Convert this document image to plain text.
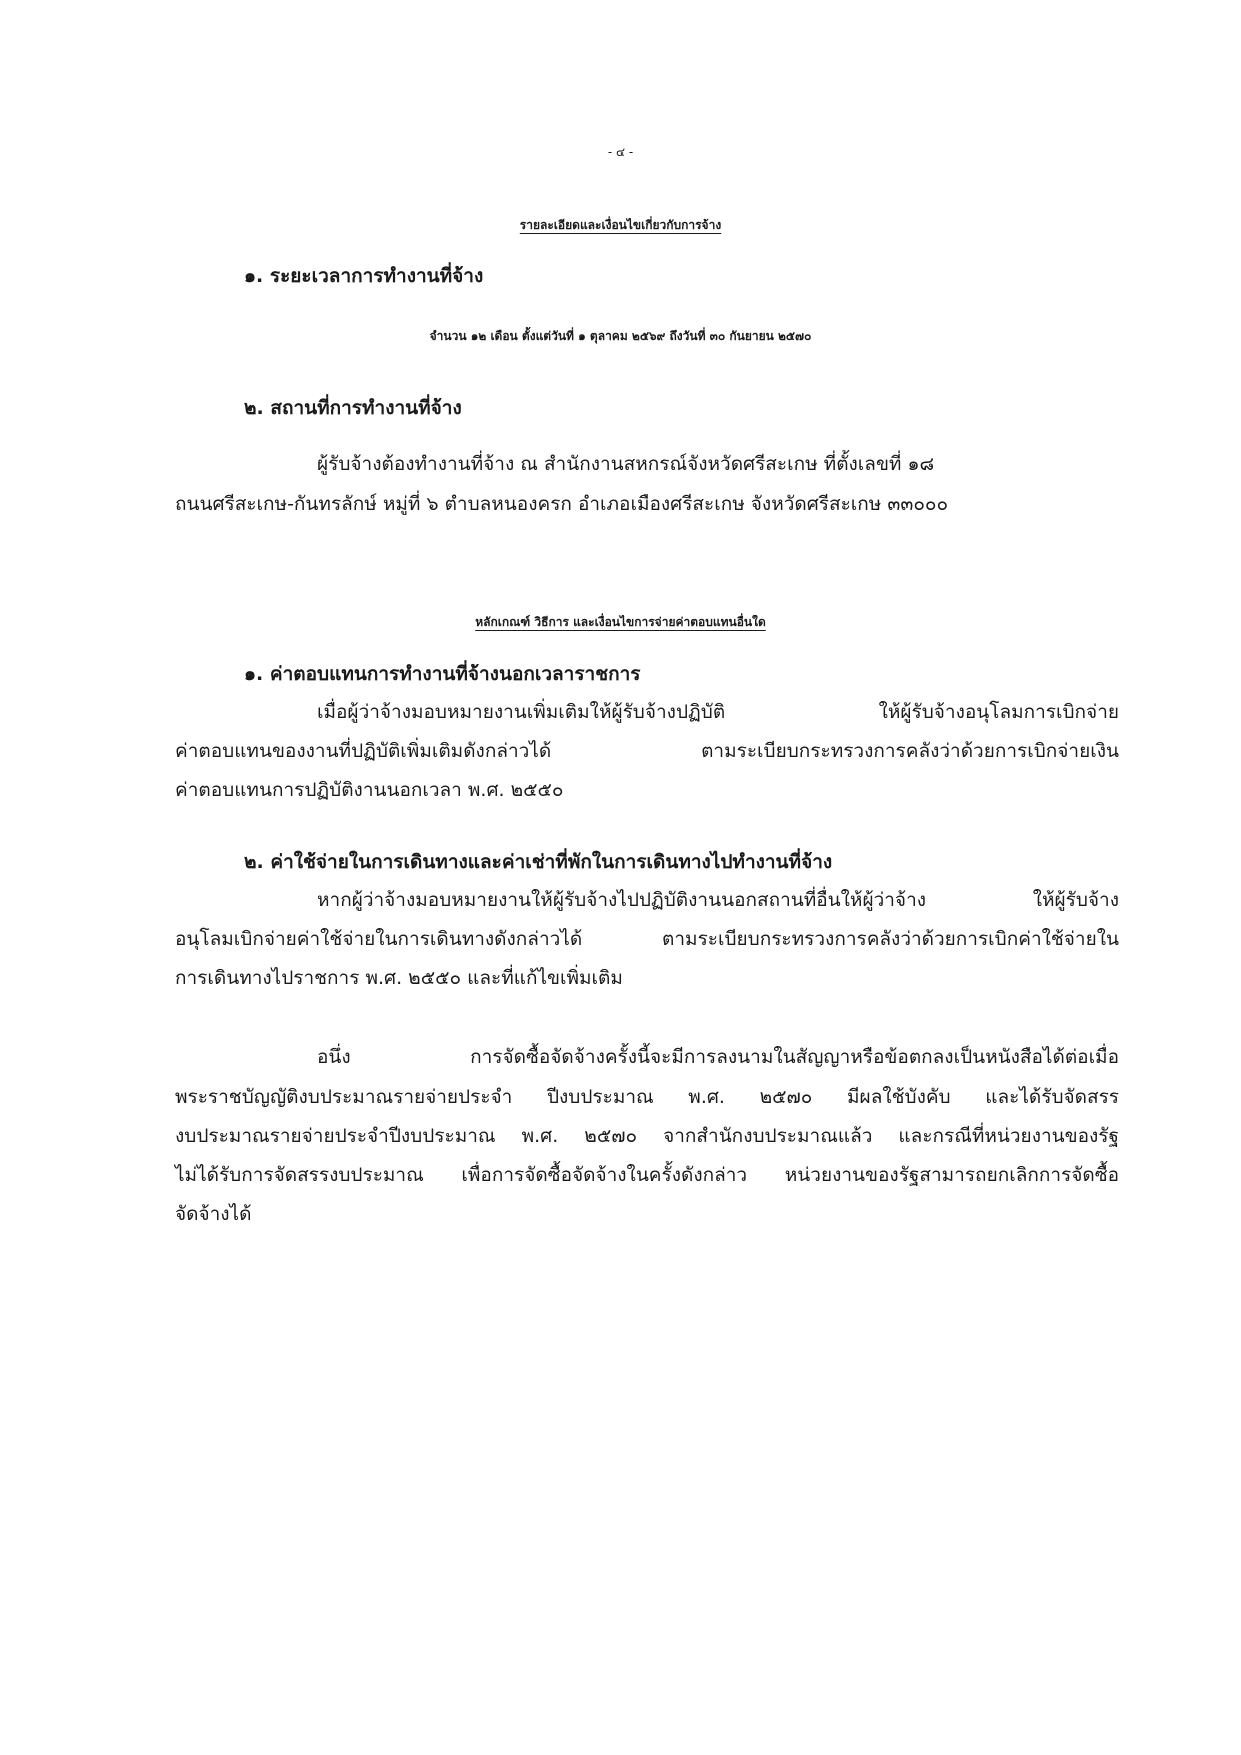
- ๔ -
รายละเอียดและเงื่อนไขเกี่ยวกับการจ้าง
๑. ระยะเวลาการทำงานที่จ้าง
จำนวน ๑๒ เดือน ตั้งแต่วันที่ ๑ ตุลาคม ๒๕๖๙ ถึงวันที่ ๓๐ กันยายน ๒๕๗๐
๒. สถานที่การทำงานที่จ้าง
ผู้รับจ้างต้องทำงานที่จ้าง ณ สำนักงานสหกรณ์จังหวัดศรีสะเกษ ที่ตั้งเลขที่ ๑๘
ถนนศรีสะเกษ-กันทรลักษ์ หมู่ที่ ๖ ตำบลหนองครก อำเภอเมืองศรีสะเกษ จังหวัดศรีสะเกษ ๓๓๐๐๐
หลักเกณฑ์ วิธีการ และเงื่อนไขการจ่ายค่าตอบแทนอื่นใด
๑. ค่าตอบแทนการทำงานที่จ้างนอกเวลาราชการ
เมื่อผู้ว่าจ้างมอบหมายงานเพิ่มเติมให้ผู้รับจ้างปฏิบัติ ให้ผู้รับจ้างอนุโลมการเบิกจ่าย
ค่าตอบแทนของงานที่ปฏิบัติเพิ่มเติมดังกล่าวได้ ตามระเบียบกระทรวงการคลังว่าด้วยการเบิกจ่ายเงิน
ค่าตอบแทนการปฏิบัติงานนอกเวลา พ.ศ. ๒๕๕๐
๒. ค่าใช้จ่ายในการเดินทางและค่าเช่าที่พักในการเดินทางไปทำงานที่จ้าง
หากผู้ว่าจ้างมอบหมายงานให้ผู้รับจ้างไปปฏิบัติงานนอกสถานที่อื่นให้ผู้ว่าจ้าง ให้ผู้รับจ้าง
อนุโลมเบิกจ่ายค่าใช้จ่ายในการเดินทางดังกล่าวได้ ตามระเบียบกระทรวงการคลังว่าด้วยการเบิกค่าใช้จ่ายใน
การเดินทางไปราชการ พ.ศ. ๒๕๕๐ และที่แก้ไขเพิ่มเติม
อนึ่ง การจัดซื้อจัดจ้างครั้งนี้จะมีการลงนามในสัญญาหรือข้อตกลงเป็นหนังสือได้ต่อเมื่อ
พระราชบัญญัติงบประมาณรายจ่ายประจำ ปีงบประมาณ พ.ศ. ๒๕๗๐ มีผลใช้บังคับ และได้รับจัดสรร
งบประมาณรายจ่ายประจำปีงบประมาณ พ.ศ. ๒๕๗๐ จากสำนักงบประมาณแล้ว และกรณีที่หน่วยงานของรัฐ
ไม่ได้รับการจัดสรรงบประมาณ เพื่อการจัดซื้อจัดจ้างในครั้งดังกล่าว หน่วยงานของรัฐสามารถยกเลิกการจัดซื้อ
จัดจ้างได้
